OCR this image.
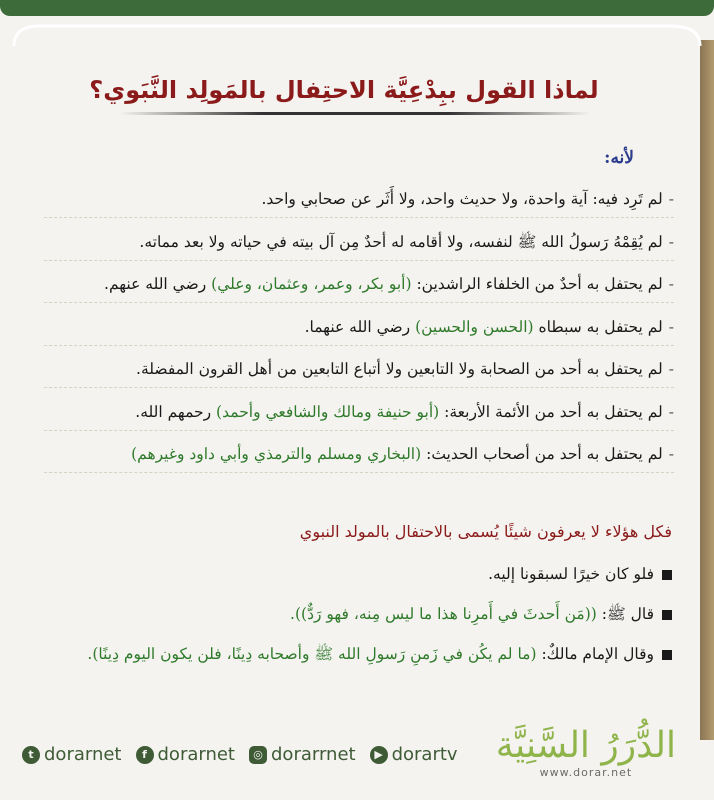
لماذا القول ببِدْعِيَّة الاحتِفال بالمَولِد النَّبَوي؟
لأنه:
-لم تَرِد فيه: آية واحدة، ولا حديث واحد، ولا أَثَر عن صحابي واحد.
-لم يُقِمْهُ رَسولُ الله ﷺ لنفسه، ولا أقامه له أحدٌ مِن آل بيته في حياته ولا بعد مماته.
-لم يحتفل به أحدٌ من الخلفاء الراشدين: (أبو بكر، وعمر، وعثمان، وعلي) رضي الله عنهم.
-لم يحتفل به سبطاه (الحسن والحسين) رضي الله عنهما.
-لم يحتفل به أحد من الصحابة ولا التابعين ولا أتباع التابعين من أهل القرون المفضلة.
-لم يحتفل به أحد من الأئمة الأربعة: (أبو حنيفة ومالك والشافعي وأحمد) رحمهم الله.
-لم يحتفل به أحد من أصحاب الحديث: (البخاري ومسلم والترمذي وأبي داود وغيرهم)
فكل هؤلاء لا يعرفون شيئًا يُسمى بالاحتفال بالمولد النبوي
فلو كان خيرًا لسبقونا إليه.
قال ﷺ: ((مَن أَحدثَ في أَمرِنا هذا ما ليس مِنه، فهو رَدٌّ)).
وقال الإمام مالكٌ: (ما لم يكُن في زَمنِ رَسولِ الله ﷺ وأصحابه دِينًا، فلن يكون اليوم دِينًا).
t dorarnet	f dorarnet	◎ dorarrnet	▶ dorartv الدُّرَرُ السَّنِيَّة
www.dorar.net
